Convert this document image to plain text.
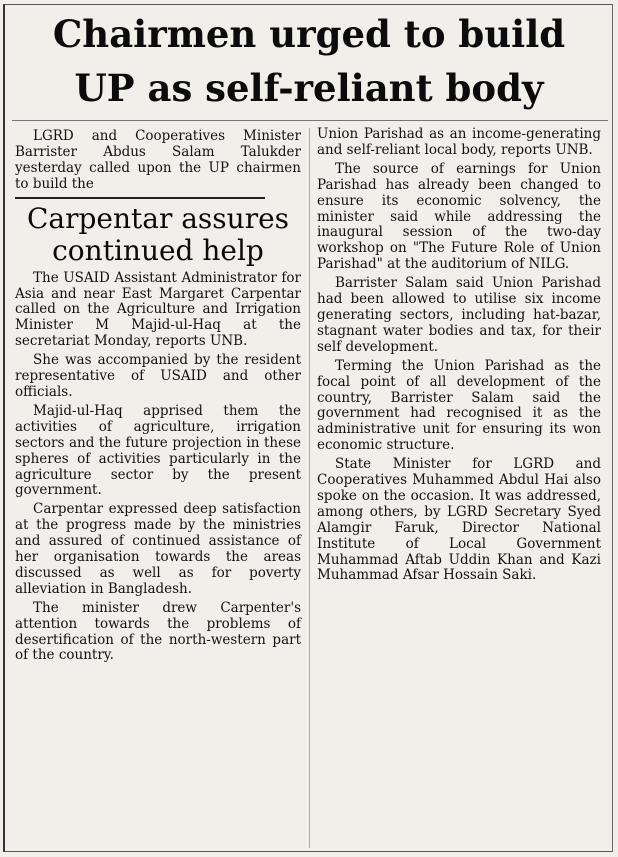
Chairmen urged to build
UP as self-reliant body

LGRD and Cooperatives Minister Barrister Abdus Salam Talukder yesterday called upon the UP chairmen to build the

Carpentar assures
continued help

The USAID Assistant Administrator for Asia and near East Margaret Carpentar called on the Agriculture and Irrigation Minister M Majid-ul-Haq at the secretariat Monday, reports UNB.

She was accompanied by the resident representative of USAID and other officials.

Majid-ul-Haq apprised them the activities of agriculture, irrigation sectors and the future projection in these spheres of activities particularly in the agriculture sector by the present government.

Carpentar expressed deep satisfaction at the progress made by the ministries and assured of continued assistance of her organisation towards the areas discussed as well as for poverty alleviation in Bangladesh.

The minister drew Carpenter's attention towards the problems of desertification of the north-western part of the country.

Union Parishad as an income-generating and self-reliant local body, reports UNB.

The source of earnings for Union Parishad has already been changed to ensure its economic solvency, the minister said while addressing the inaugural session of the two-day workshop on "The Future Role of Union Parishad" at the auditorium of NILG.

Barrister Salam said Union Parishad had been allowed to utilise six income generating sectors, including hat-bazar, stagnant water bodies and tax, for their self development.

Terming the Union Parishad as the focal point of all development of the country, Barrister Salam said the government had recognised it as the administrative unit for ensuring its won economic structure.

State Minister for LGRD and Cooperatives Muhammed Abdul Hai also spoke on the occasion. It was addressed, among others, by LGRD Secretary Syed Alamgir Faruk, Director National Institute of Local Government Muhammad Aftab Uddin Khan and Kazi Muhammad Afsar Hossain Saki.
